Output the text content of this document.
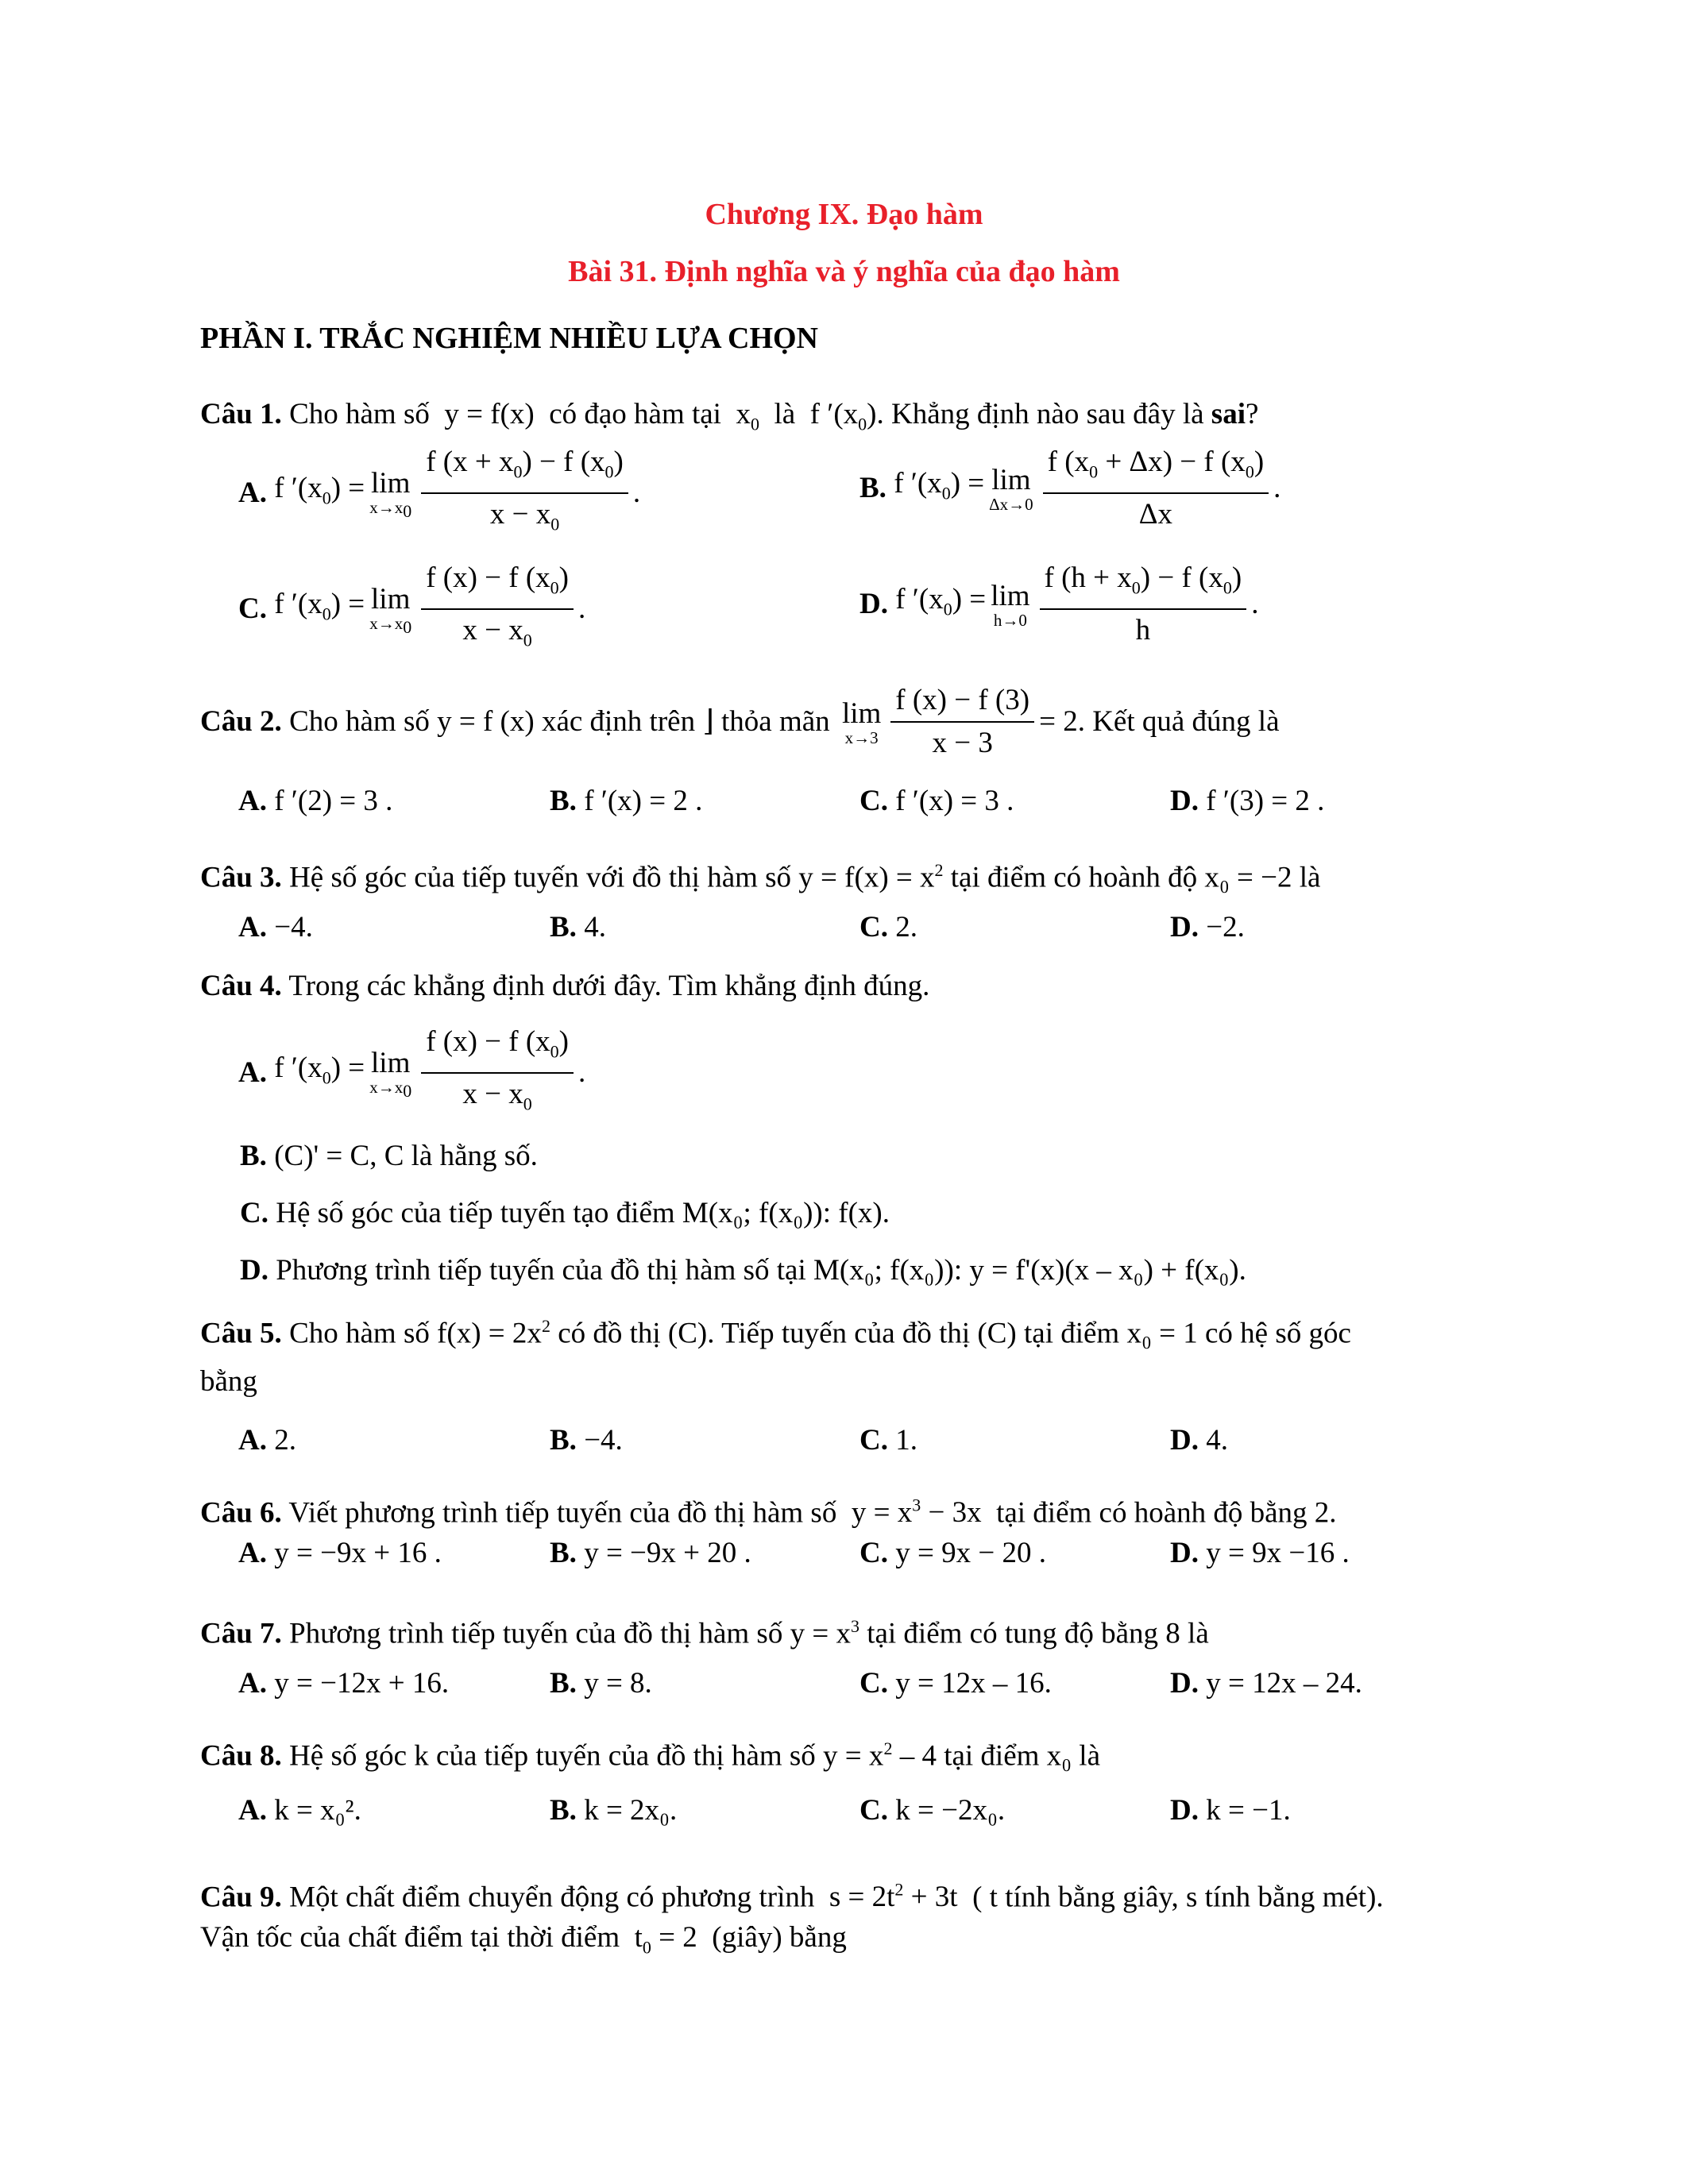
Chương IX. Đạo hàm
Bài 31. Định nghĩa và ý nghĩa của đạo hàm
PHẦN I. TRẮC NGHIỆM NHIỀU LỰA CHỌN
Câu 1. Cho hàm số  y = f(x)  có đạo hàm tại  $x_0$ là  f $'(x_0)$. Khẳng định nào sau đây là sai?
A.
f $'(x_0) = \lim$
$x\to x_0 \frac{f (x + x_0) - f (x_0)}{x - x_0}$ .	B.
f $'(x_0) = \lim$
$\Delta x\to 0 \frac{f (x_0 + \Delta x) - f (x_0)}{\Delta x}$ .
C.
f $'(x_0) = \lim$
$x\to x_0 \frac{f (x) - f (x_0)}{x - x_0}$ .	D.
f $'(x_0) = \lim$
$h\to 0 \frac{f (h + x_0) - f (x_0)}{h}$ .
Câu 2.
Cho hàm số y = f (x) xác định trên
⌋
thỏa mãn
lim
$x\to 3 \frac{f (x) - f (3)}{x - 3} = 2$ . Kết quả đúng là
A. f ′(2) = 3 .	B. f ′(x) = 2 .	C. f ′(x) = 3 .	D. f ′(3) = 2 .
Câu 3. Hệ số góc của tiếp tuyến với đồ thị hàm số $y = f(x) = x^2$ tại điểm có hoành độ x₀ = −2 là
A. −4.	B. 4.	C. 2.	D. −2.
Câu 4. Trong các khẳng định dưới đây. Tìm khẳng định đúng.
A.
f $'(x_0) = \lim$
$x\to x_0 \frac{f (x) - f (x_0)}{x - x_0}$ .
B. (C)' = C, C là hằng số.
C. Hệ số góc của tiếp tuyến tạo điểm M(x₀; f(x₀)): f(x).
D. Phương trình tiếp tuyến của đồ thị hàm số tại M(x₀; f(x₀)): y = f'(x)(x – x₀) + f(x₀).
Câu 5. Cho hàm số $f(x) = 2x^2$ có đồ thị (C). Tiếp tuyến của đồ thị (C) tại điểm x₀ = 1 có hệ số góc
bằng
A. 2.	B. −4.	C. 1.	D. 4.
Câu 6. Viết phương trình tiếp tuyến của đồ thị hàm số  $y = x^3 - 3x$  tại điểm có hoành độ bằng 2.
A. y = −9x + 16 .	B. y = −9x + 20 .	C. y = 9x − 20 .	D. y = 9x −16 .
Câu 7. Phương trình tiếp tuyến của đồ thị hàm số $y = x^3$ tại điểm có tung độ bằng 8 là
A. y = −12x + 16.	B. y = 8.	C. y = 12x – 16.	D. y = 12x – 24.
Câu 8. Hệ số góc k của tiếp tuyến của đồ thị hàm số $y = x^2 - 4$ tại điểm x₀ là
A. k = x₀².	B. k = 2x₀.	C. k = −2x₀.	D. k = −1.
Câu 9. Một chất điểm chuyển động có phương trình  $s = 2t^2 + 3t$  ( t tính bằng giây, s tính bằng mét).
Vận tốc của chất điểm tại thời điểm  $t_0 = 2$  (giây) bằng
